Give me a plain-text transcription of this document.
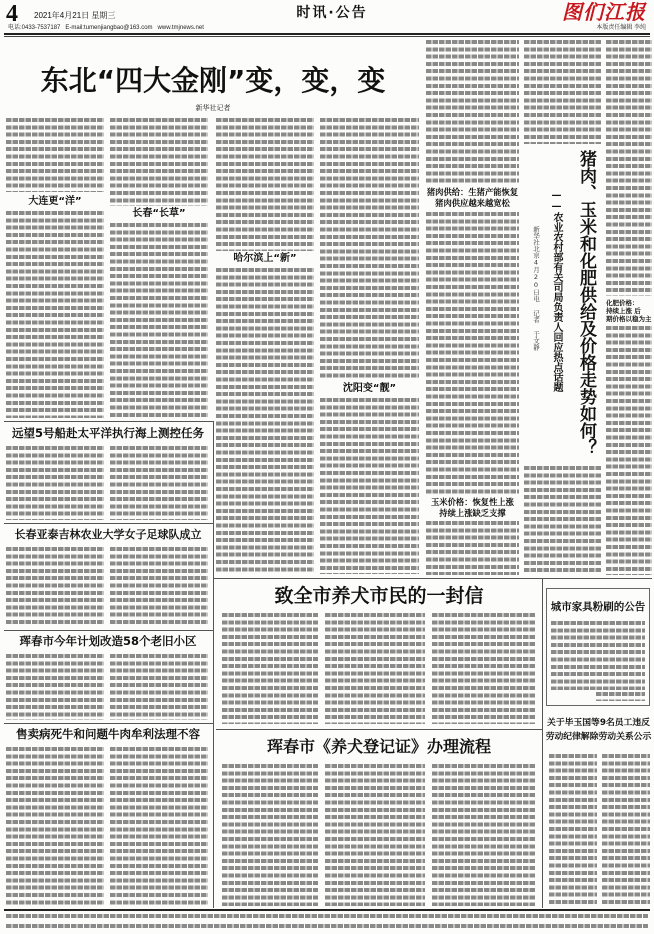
4 2021年4月21日 星期三	时讯·公告	图们江报
电话:0433-7537187 E-mail:tumenjiangbao@163.com www.tmjnews.net	本版责任编辑 李纯
东北“四大金刚”变，变，变
新华社记者
大连更“洋”
长春“长草”
哈尔滨上“新”
沈阳变“靓”
猪肉供给：生猪产能恢复
猪肉供应越来越宽松
玉米价格：恢复性上涨
持续上涨缺乏支撑
新华社北京4月20日电 记者 于文静 ——农业农村部有关司局负责人回应热点话题 猪肉、玉米和化肥供给及价格走势如何？ 化肥价格：
持续上涨 后
期价格以稳为主
远望5号船赴太平洋执行海上测控任务
长春亚泰吉林农业大学女子足球队成立
珲春市今年计划改造58个老旧小区
售卖病死牛和问题牛肉牟利法理不容
致全市养犬市民的一封信
珲春市《养犬登记证》办理流程
城市家具粉刷的公告
关于毕玉国等9名员工违反
劳动纪律解除劳动关系公示
